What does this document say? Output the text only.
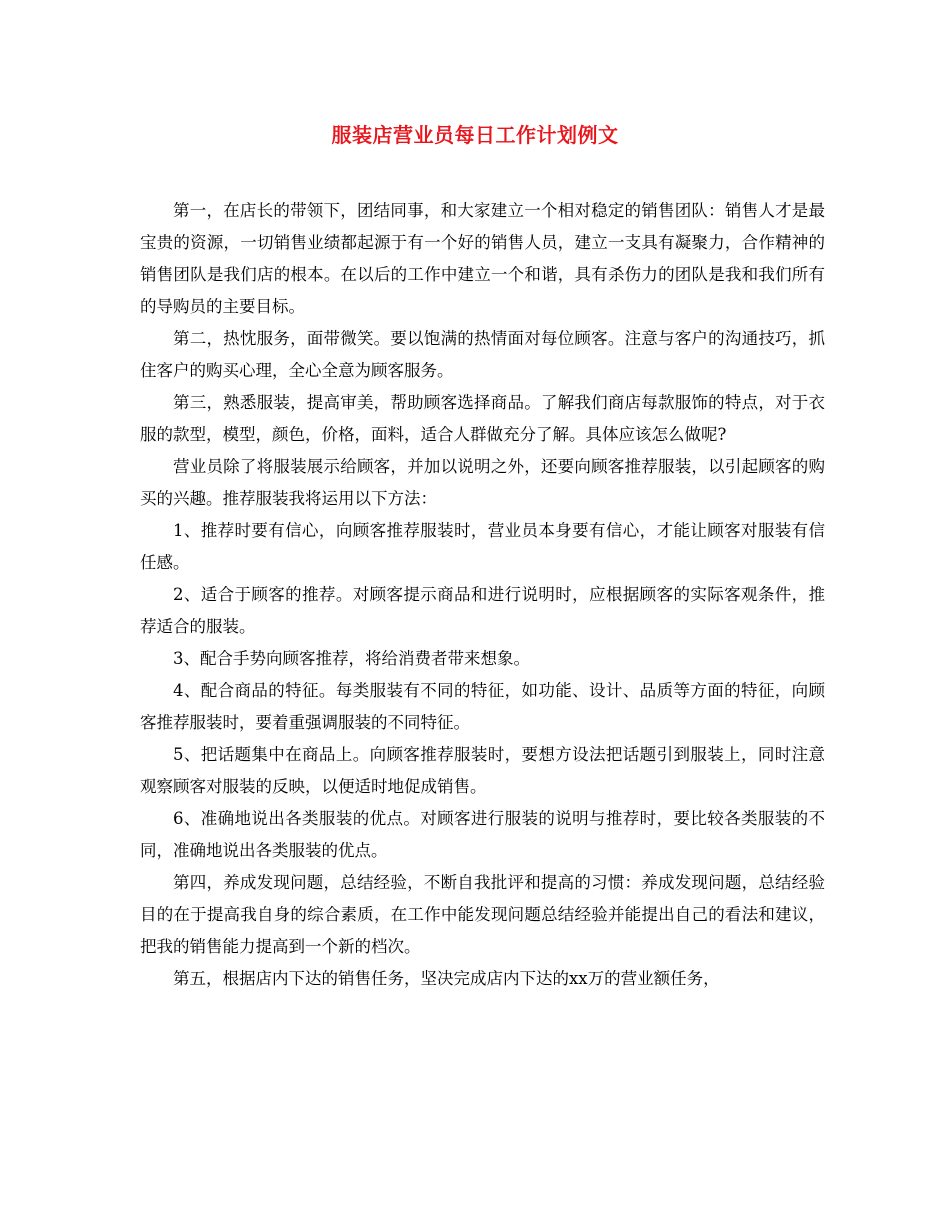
服装店营业员每日工作计划例文

第一，在店长的带领下，团结同事，和大家建立一个相对稳定的销售团队：销售人才是最宝贵的资源，一切销售业绩都起源于有一个好的销售人员，建立一支具有凝聚力，合作精神的销售团队是我们店的根本。在以后的工作中建立一个和谐，具有杀伤力的团队是我和我们所有的导购员的主要目标。

第二，热忱服务，面带微笑。要以饱满的热情面对每位顾客。注意与客户的沟通技巧，抓住客户的购买心理，全心全意为顾客服务。

第三，熟悉服装，提高审美，帮助顾客选择商品。了解我们商店每款服饰的特点，对于衣服的款型，模型，颜色，价格，面料，适合人群做充分了解。具体应该怎么做呢?

营业员除了将服装展示给顾客，并加以说明之外，还要向顾客推荐服装，以引起顾客的购买的兴趣。推荐服装我将运用以下方法：

1、推荐时要有信心，向顾客推荐服装时，营业员本身要有信心，才能让顾客对服装有信任感。

2、适合于顾客的推荐。对顾客提示商品和进行说明时，应根据顾客的实际客观条件，推荐适合的服装。

3、配合手势向顾客推荐，将给消费者带来想象。

4、配合商品的特征。每类服装有不同的特征，如功能、设计、品质等方面的特征，向顾客推荐服装时，要着重强调服装的不同特征。

5、把话题集中在商品上。向顾客推荐服装时，要想方设法把话题引到服装上，同时注意观察顾客对服装的反映，以便适时地促成销售。

6、准确地说出各类服装的优点。对顾客进行服装的说明与推荐时，要比较各类服装的不同，准确地说出各类服装的优点。

第四，养成发现问题，总结经验，不断自我批评和提高的习惯：养成发现问题，总结经验目的在于提高我自身的综合素质，在工作中能发现问题总结经验并能提出自己的看法和建议，把我的销售能力提高到一个新的档次。

第五，根据店内下达的销售任务，坚决完成店内下达的xx万的营业额任务，
